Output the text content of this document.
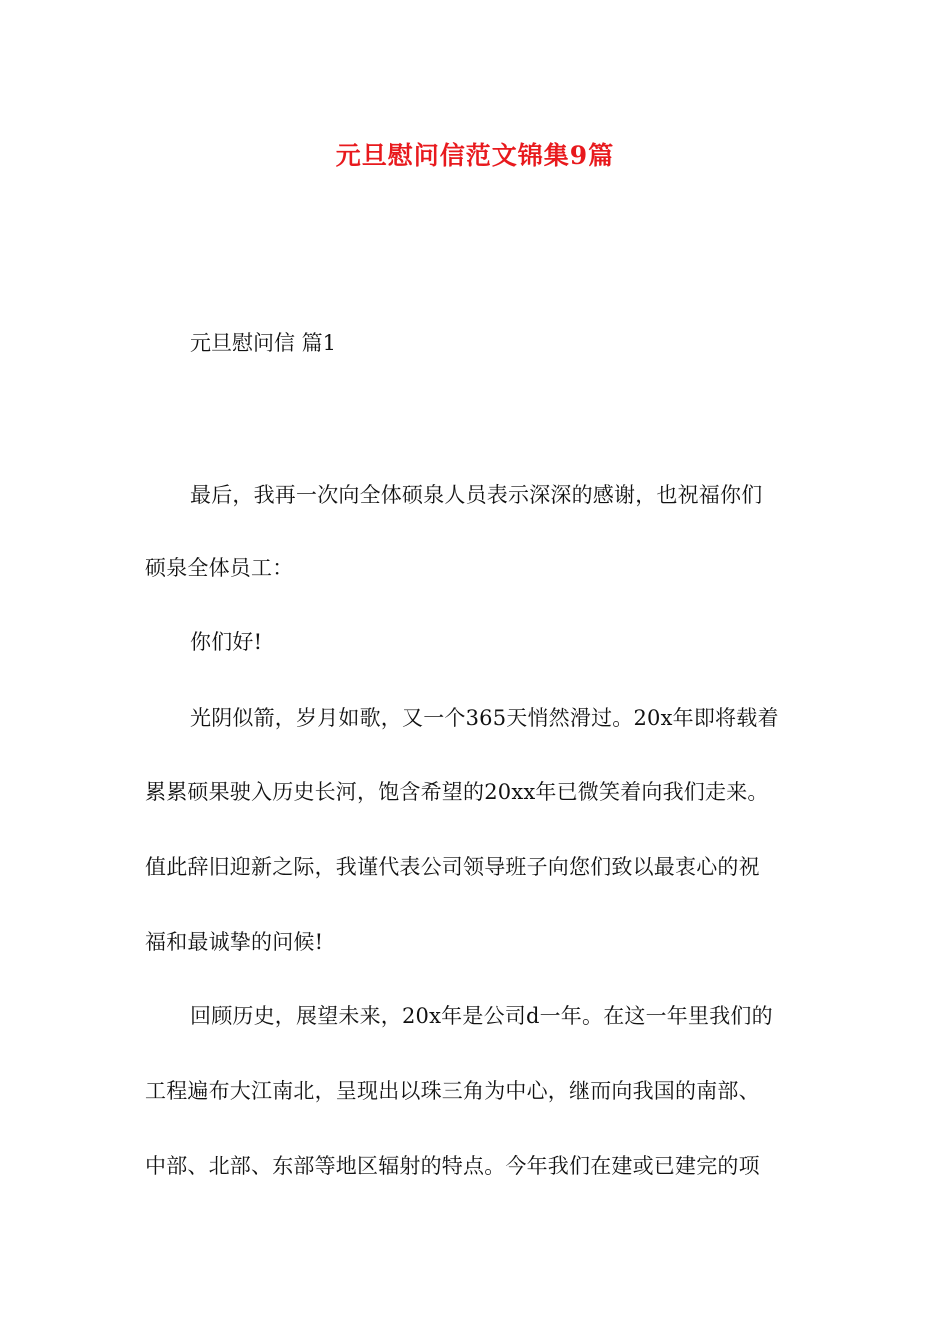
元旦慰问信范文锦集9篇
元旦慰问信 篇1
最后，我再一次向全体硕泉人员表示深深的感谢，也祝福你们
硕泉全体员工：
你们好!
光阴似箭，岁月如歌，又一个365天悄然滑过。20x年即将载着
累累硕果驶入历史长河，饱含希望的20xx年已微笑着向我们走来。
值此辞旧迎新之际，我谨代表公司领导班子向您们致以最衷心的祝
福和最诚挚的问候!
回顾历史，展望未来，20x年是公司d一年。在这一年里我们的
工程遍布大江南北，呈现出以珠三角为中心，继而向我国的南部、
中部、北部、东部等地区辐射的特点。今年我们在建或已建完的项
